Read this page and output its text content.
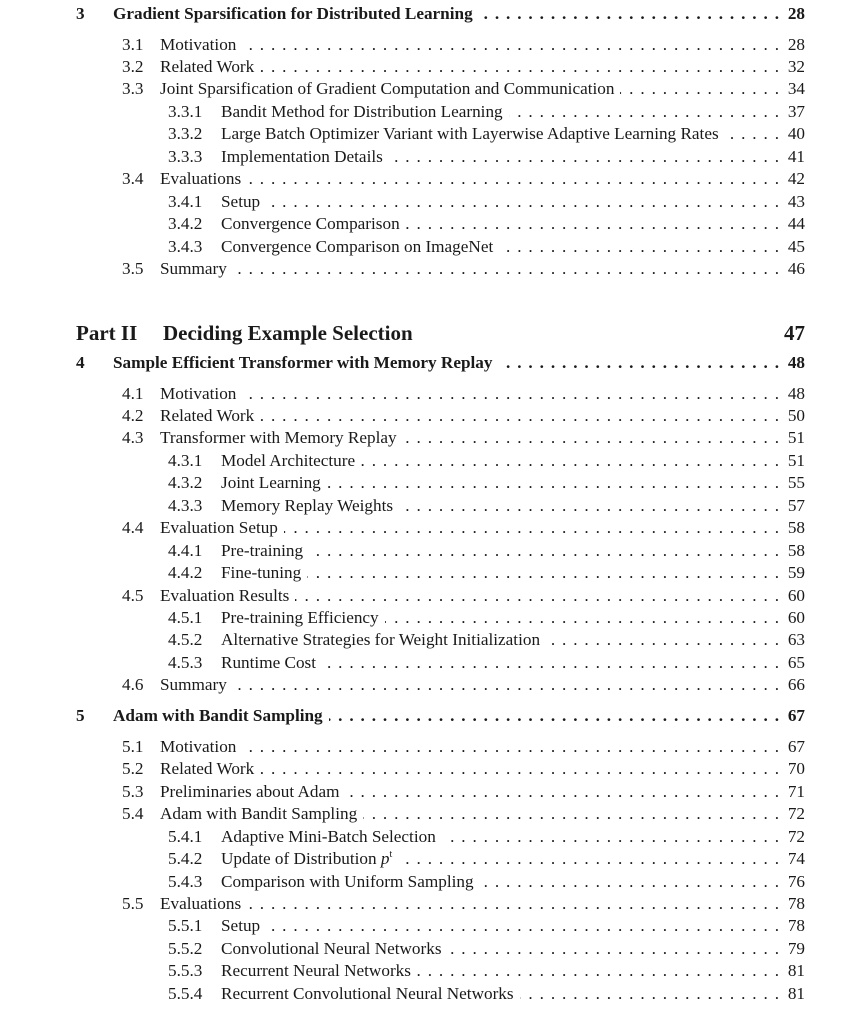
3 Gradient Sparsification for Distributed Learning . . .	28
3.1 Motivation . . .	28
3.2 Related Work . . .	32
3.3 Joint Sparsification of Gradient Computation and Communication . . .	34
3.3.1 Bandit Method for Distribution Learning . . .	37
3.3.2 Large Batch Optimizer Variant with Layerwise Adaptive Learning Rates . . .	40
3.3.3 Implementation Details . . .	41
3.4 Evaluations . . .	42
3.4.1 Setup . . .	43
3.4.2 Convergence Comparison . . .	44
3.4.3 Convergence Comparison on ImageNet . . .	45
3.5 Summary . . .	46
Part II Deciding Example Selection	47
4 Sample Efficient Transformer with Memory Replay . . .	48
4.1 Motivation . . .	48
4.2 Related Work . . .	50
4.3 Transformer with Memory Replay . . .	51
4.3.1 Model Architecture . . .	51
4.3.2 Joint Learning . . .	55
4.3.3 Memory Replay Weights . . .	57
4.4 Evaluation Setup . . .	58
4.4.1 Pre-training . . .	58
4.4.2 Fine-tuning . . .	59
4.5 Evaluation Results . . .	60
4.5.1 Pre-training Efficiency . . .	60
4.5.2 Alternative Strategies for Weight Initialization . . .	63
4.5.3 Runtime Cost . . .	65
4.6 Summary . . .	66
5 Adam with Bandit Sampling . . .	67
5.1 Motivation . . .	67
5.2 Related Work . . .	70
5.3 Preliminaries about Adam . . .	71
5.4 Adam with Bandit Sampling . . .	72
5.4.1 Adaptive Mini-Batch Selection . . .	72
5.4.2 Update of Distribution $p^t$ . . .	74
5.4.3 Comparison with Uniform Sampling . . .	76
5.5 Evaluations . . .	78
5.5.1 Setup . . .	78
5.5.2 Convolutional Neural Networks . . .	79
5.5.3 Recurrent Neural Networks . . .	81
5.5.4 Recurrent Convolutional Neural Networks . . .	81
